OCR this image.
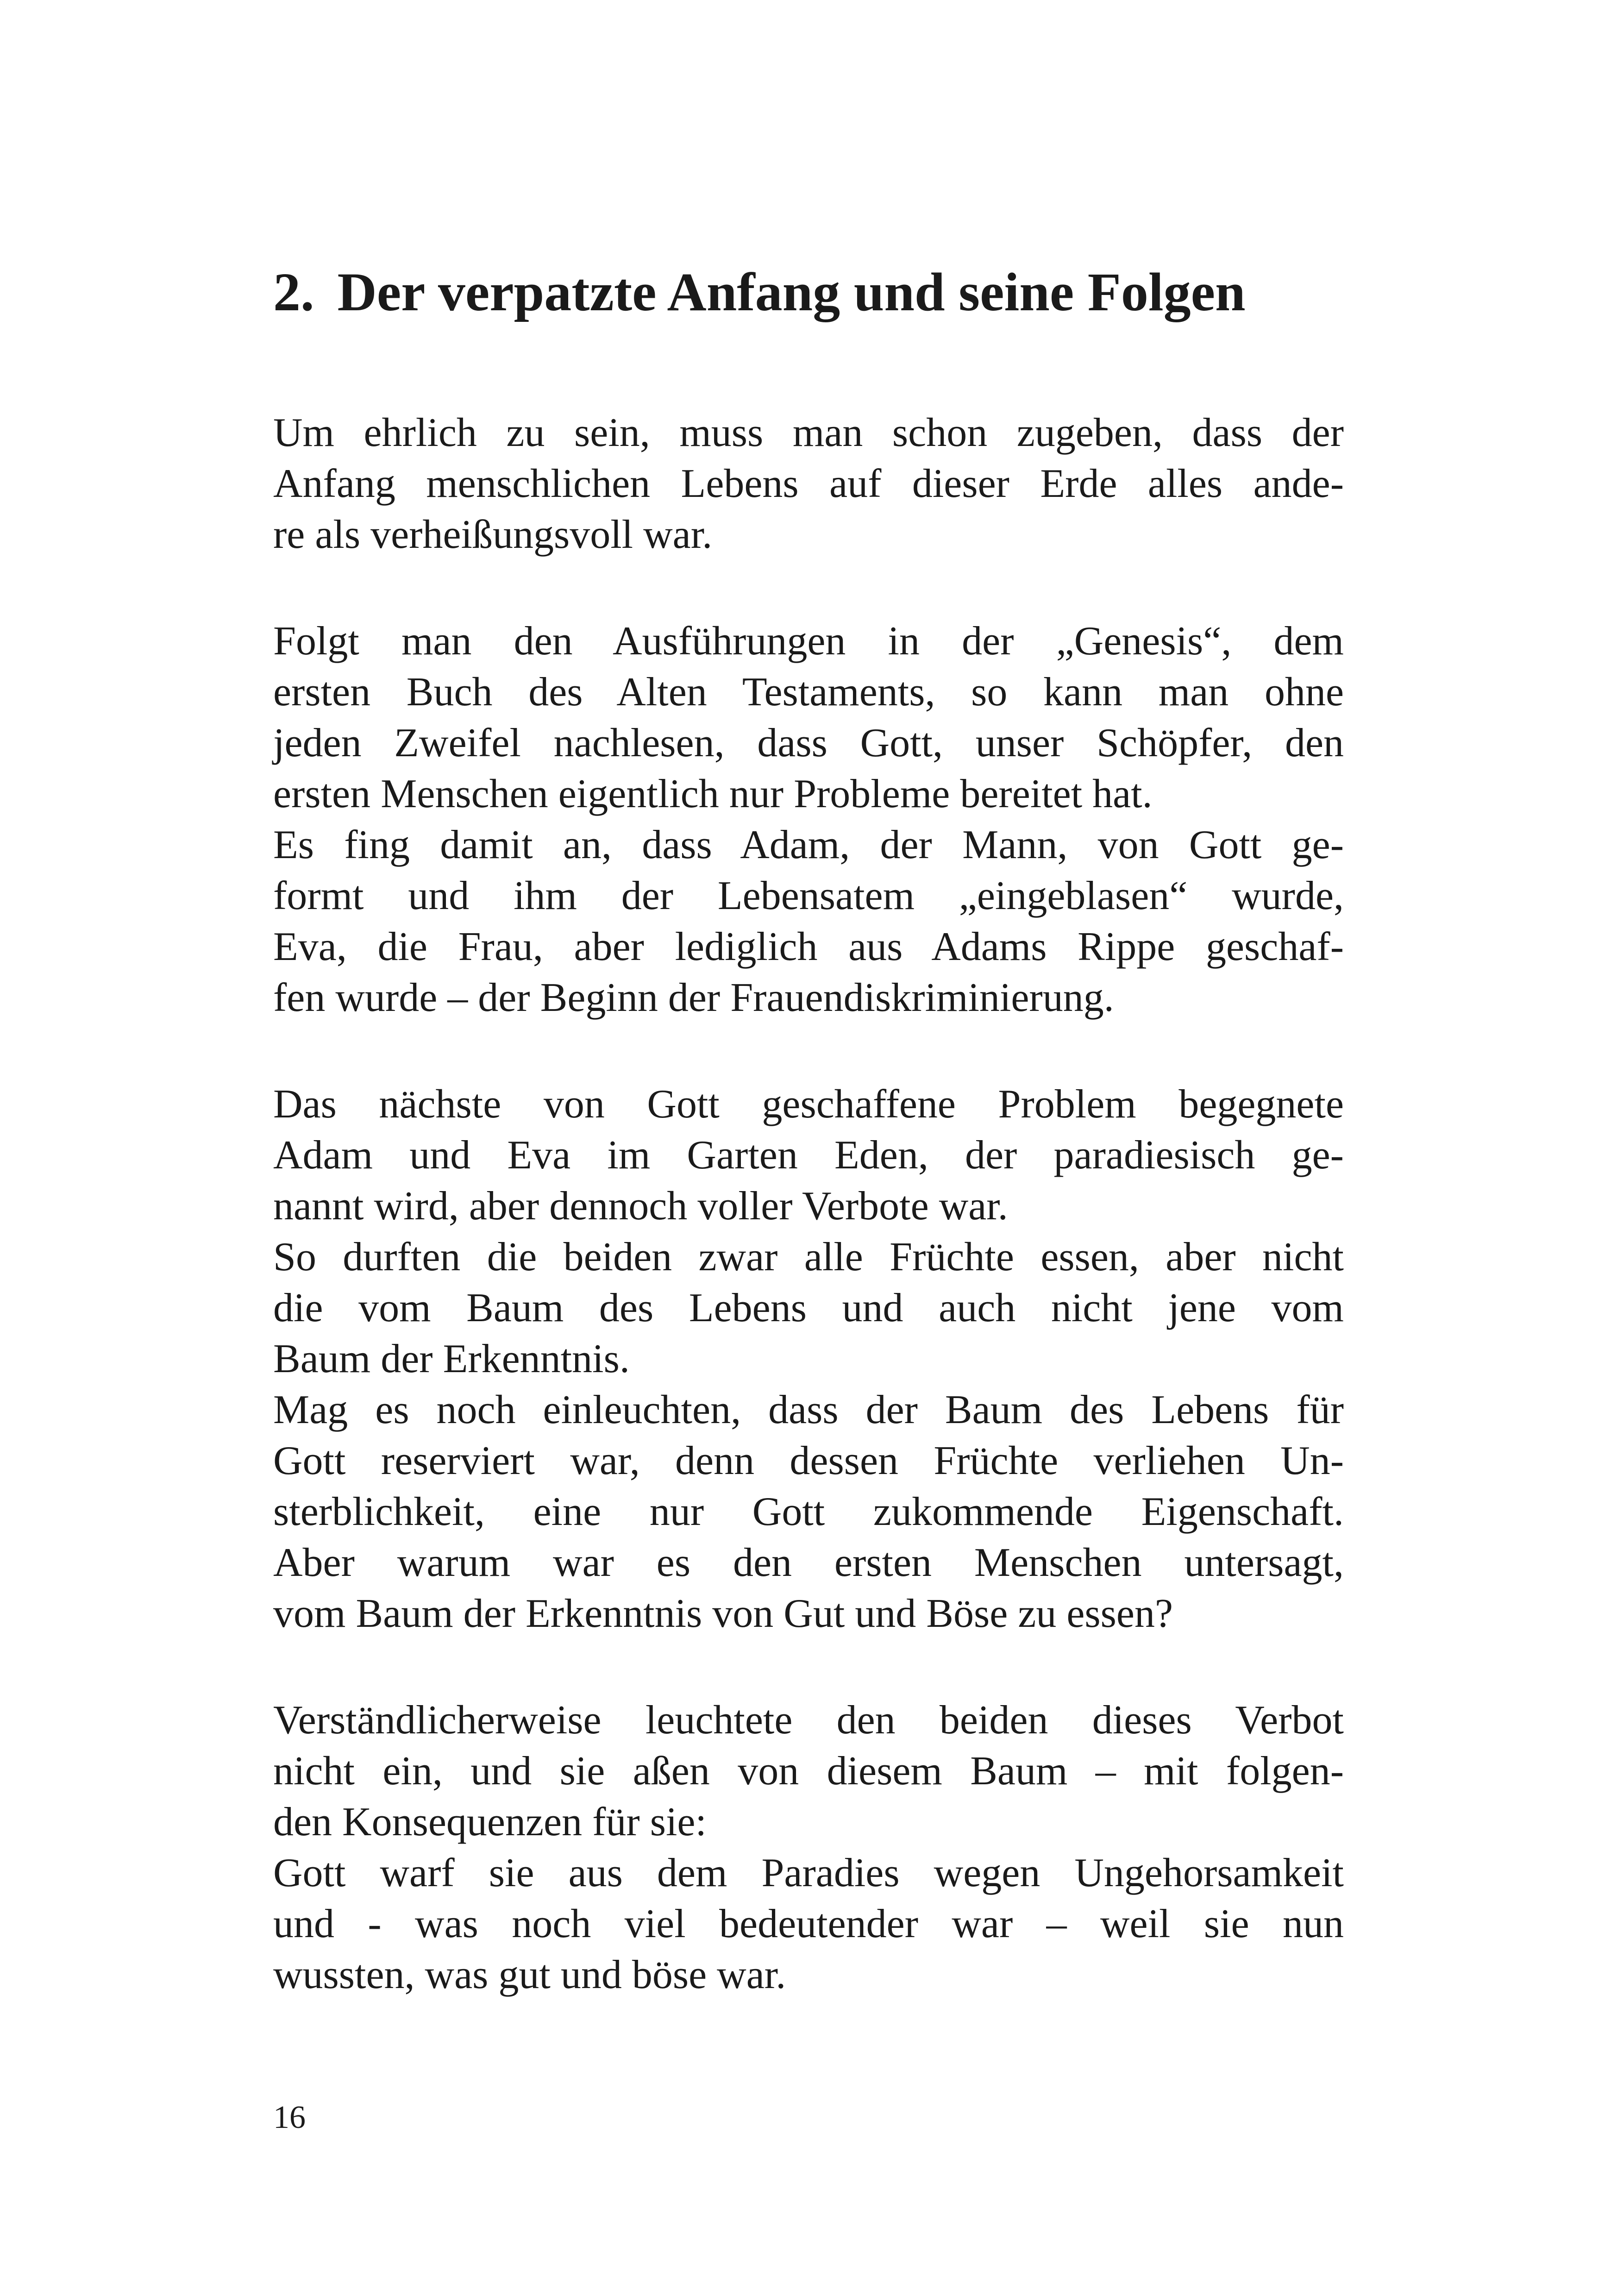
2. Der verpatzte Anfang und seine Folgen

Um ehrlich zu sein, muss man schon zugeben, dass der

Anfang menschlichen Lebens auf dieser Erde alles ande-

re als verheißungsvoll war.

Folgt man den Ausführungen in der „Genesis“, dem

ersten Buch des Alten Testaments, so kann man ohne

jeden Zweifel nachlesen, dass Gott, unser Schöpfer, den

ersten Menschen eigentlich nur Probleme bereitet hat.

Es fing damit an, dass Adam, der Mann, von Gott ge-

formt und ihm der Lebensatem „eingeblasen“ wurde,

Eva, die Frau, aber lediglich aus Adams Rippe geschaf-

fen wurde – der Beginn der Frauendiskriminierung.

Das nächste von Gott geschaffene Problem begegnete

Adam und Eva im Garten Eden, der paradiesisch ge-

nannt wird, aber dennoch voller Verbote war.

So durften die beiden zwar alle Früchte essen, aber nicht

die vom Baum des Lebens und auch nicht jene vom

Baum der Erkenntnis.

Mag es noch einleuchten, dass der Baum des Lebens für

Gott reserviert war, denn dessen Früchte verliehen Un-

sterblichkeit, eine nur Gott zukommende Eigenschaft.

Aber warum war es den ersten Menschen untersagt,

vom Baum der Erkenntnis von Gut und Böse zu essen?

Verständlicherweise leuchtete den beiden dieses Verbot

nicht ein, und sie aßen von diesem Baum – mit folgen-

den Konsequenzen für sie:

Gott warf sie aus dem Paradies wegen Ungehorsamkeit

und - was noch viel bedeutender war – weil sie nun

wussten, was gut und böse war.

16
